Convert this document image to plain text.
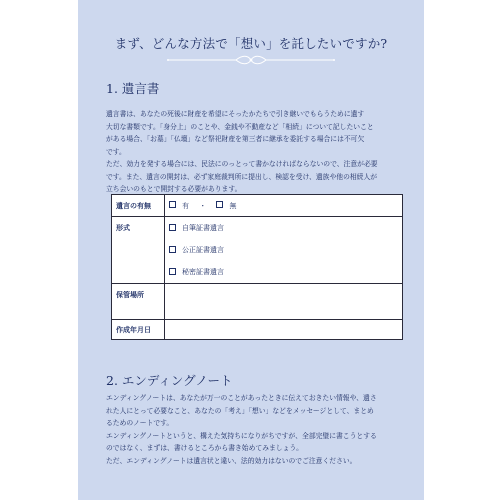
まず、どんな方法で「想い」を託したいですか?
1. 遺言書
遺言書は、あなたの死後に財産を希望にそったかたちで引き継いでもらうために遺す
大切な書類です。「身分上」のことや、金銭や不動産など「相続」について記したいこと
がある場合、「お墓」「仏壇」など祭祀財産を第三者に継承を委託する場合には不可欠
です。
ただ、効力を発する場合には、民法にのっとって書かなければならないので、注意が必要
です。また、遺言の開封は、必ず家庭裁判所に提出し、検認を受け、遺族や他の相続人が
立ち会いのもとで開封する必要があります。
遺言の有無	有 ・ 無
形式	自筆証書遺言
公正証書遺言
秘密証書遺言

保管場所	
作成年月日	
2. エンディングノート
エンディングノートは、あなたが万一のことがあったときに伝えておきたい情報や、遺さ
れた人にとって必要なこと、あなたの「考え」「想い」などをメッセージとして、まとめ
るためのノートです。
エンディングノートというと、構えた気持ちになりがちですが、全部完璧に書こうとする
のではなく、まずは、書けるところから書き始めてみましょう。
ただ、エンディングノートは遺言状と違い、法的効力はないのでご注意ください。
